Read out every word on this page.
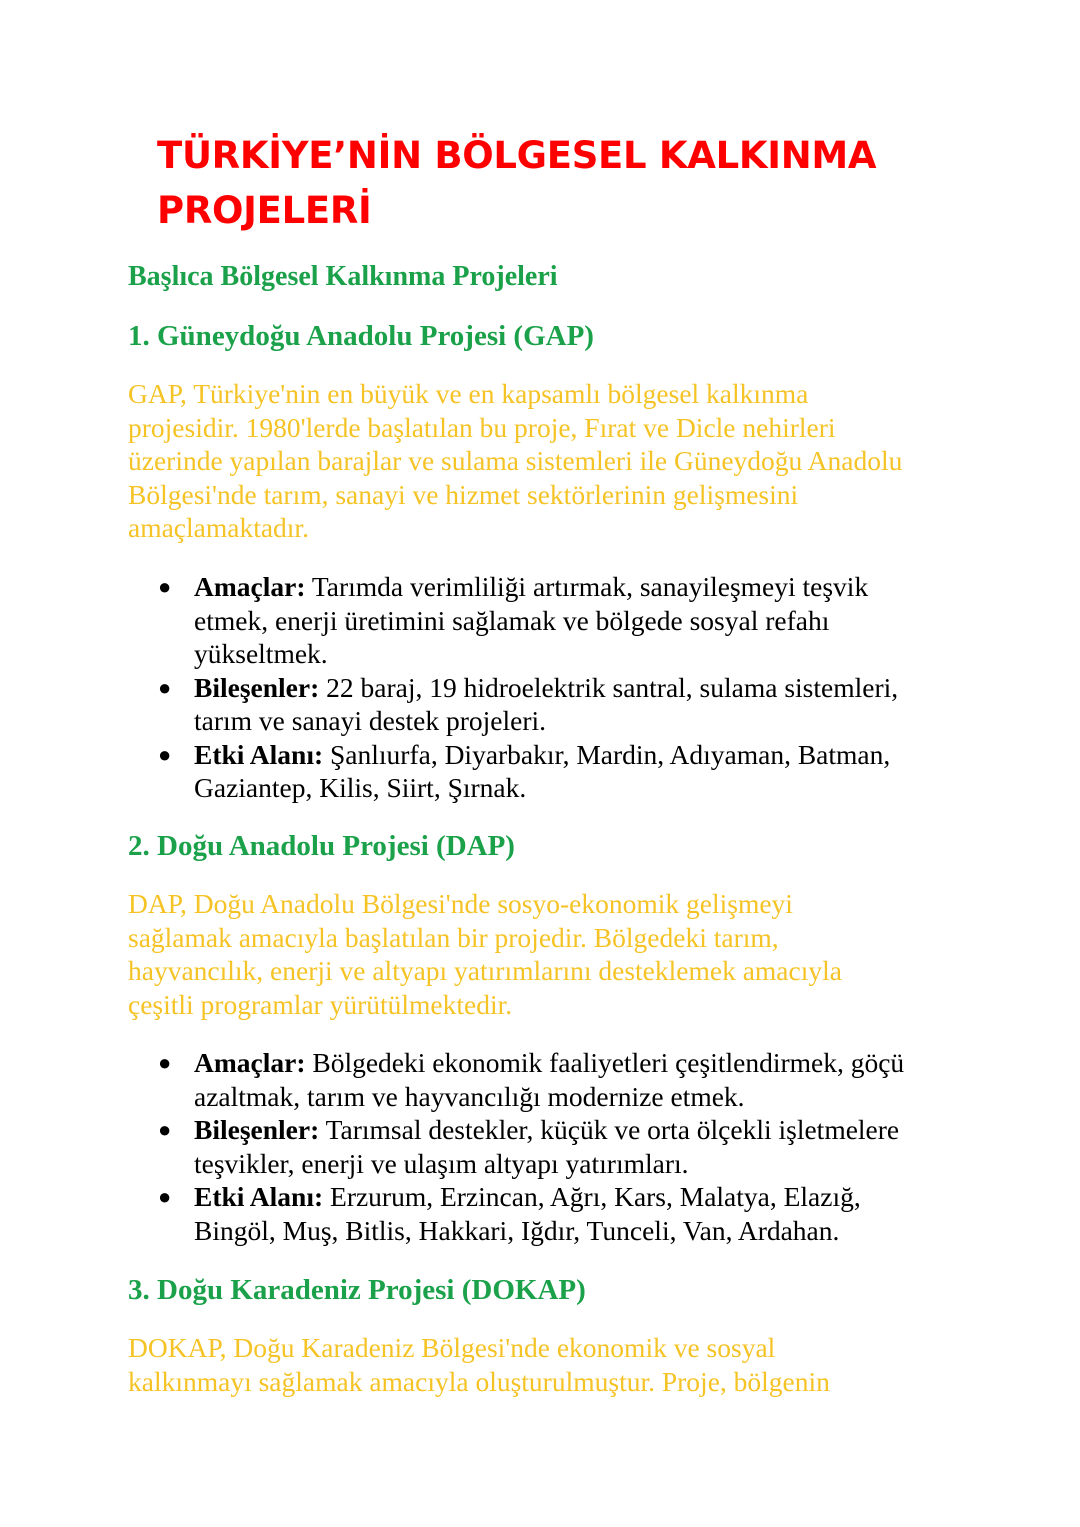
TÜRKİYE’NİN BÖLGESEL KALKINMA
PROJELERİ
Başlıca Bölgesel Kalkınma Projeleri
1. Güneydoğu Anadolu Projesi (GAP)

GAP, Türkiye'nin en büyük ve en kapsamlı bölgesel kalkınma
projesidir. 1980'lerde başlatılan bu proje, Fırat ve Dicle nehirleri
üzerinde yapılan barajlar ve sulama sistemleri ile Güneydoğu Anadolu
Bölgesi'nde tarım, sanayi ve hizmet sektörlerinin gelişmesini
amaçlamaktadır.

● Amaçlar: Tarımda verimliliği artırmak, sanayileşmeyi teşvik
etmek, enerji üretimini sağlamak ve bölgede sosyal refahı
yükseltmek.
● Bileşenler: 22 baraj, 19 hidroelektrik santral, sulama sistemleri,
tarım ve sanayi destek projeleri.
● Etki Alanı: Şanlıurfa, Diyarbakır, Mardin, Adıyaman, Batman,
Gaziantep, Kilis, Siirt, Şırnak.
2. Doğu Anadolu Projesi (DAP)

DAP, Doğu Anadolu Bölgesi'nde sosyo-ekonomik gelişmeyi
sağlamak amacıyla başlatılan bir projedir. Bölgedeki tarım,
hayvancılık, enerji ve altyapı yatırımlarını desteklemek amacıyla
çeşitli programlar yürütülmektedir.

● Amaçlar: Bölgedeki ekonomik faaliyetleri çeşitlendirmek, göçü
azaltmak, tarım ve hayvancılığı modernize etmek.
● Bileşenler: Tarımsal destekler, küçük ve orta ölçekli işletmelere
teşvikler, enerji ve ulaşım altyapı yatırımları.
● Etki Alanı: Erzurum, Erzincan, Ağrı, Kars, Malatya, Elazığ,
Bingöl, Muş, Bitlis, Hakkari, Iğdır, Tunceli, Van, Ardahan.
3. Doğu Karadeniz Projesi (DOKAP)

DOKAP, Doğu Karadeniz Bölgesi'nde ekonomik ve sosyal
kalkınmayı sağlamak amacıyla oluşturulmuştur. Proje, bölgenin
